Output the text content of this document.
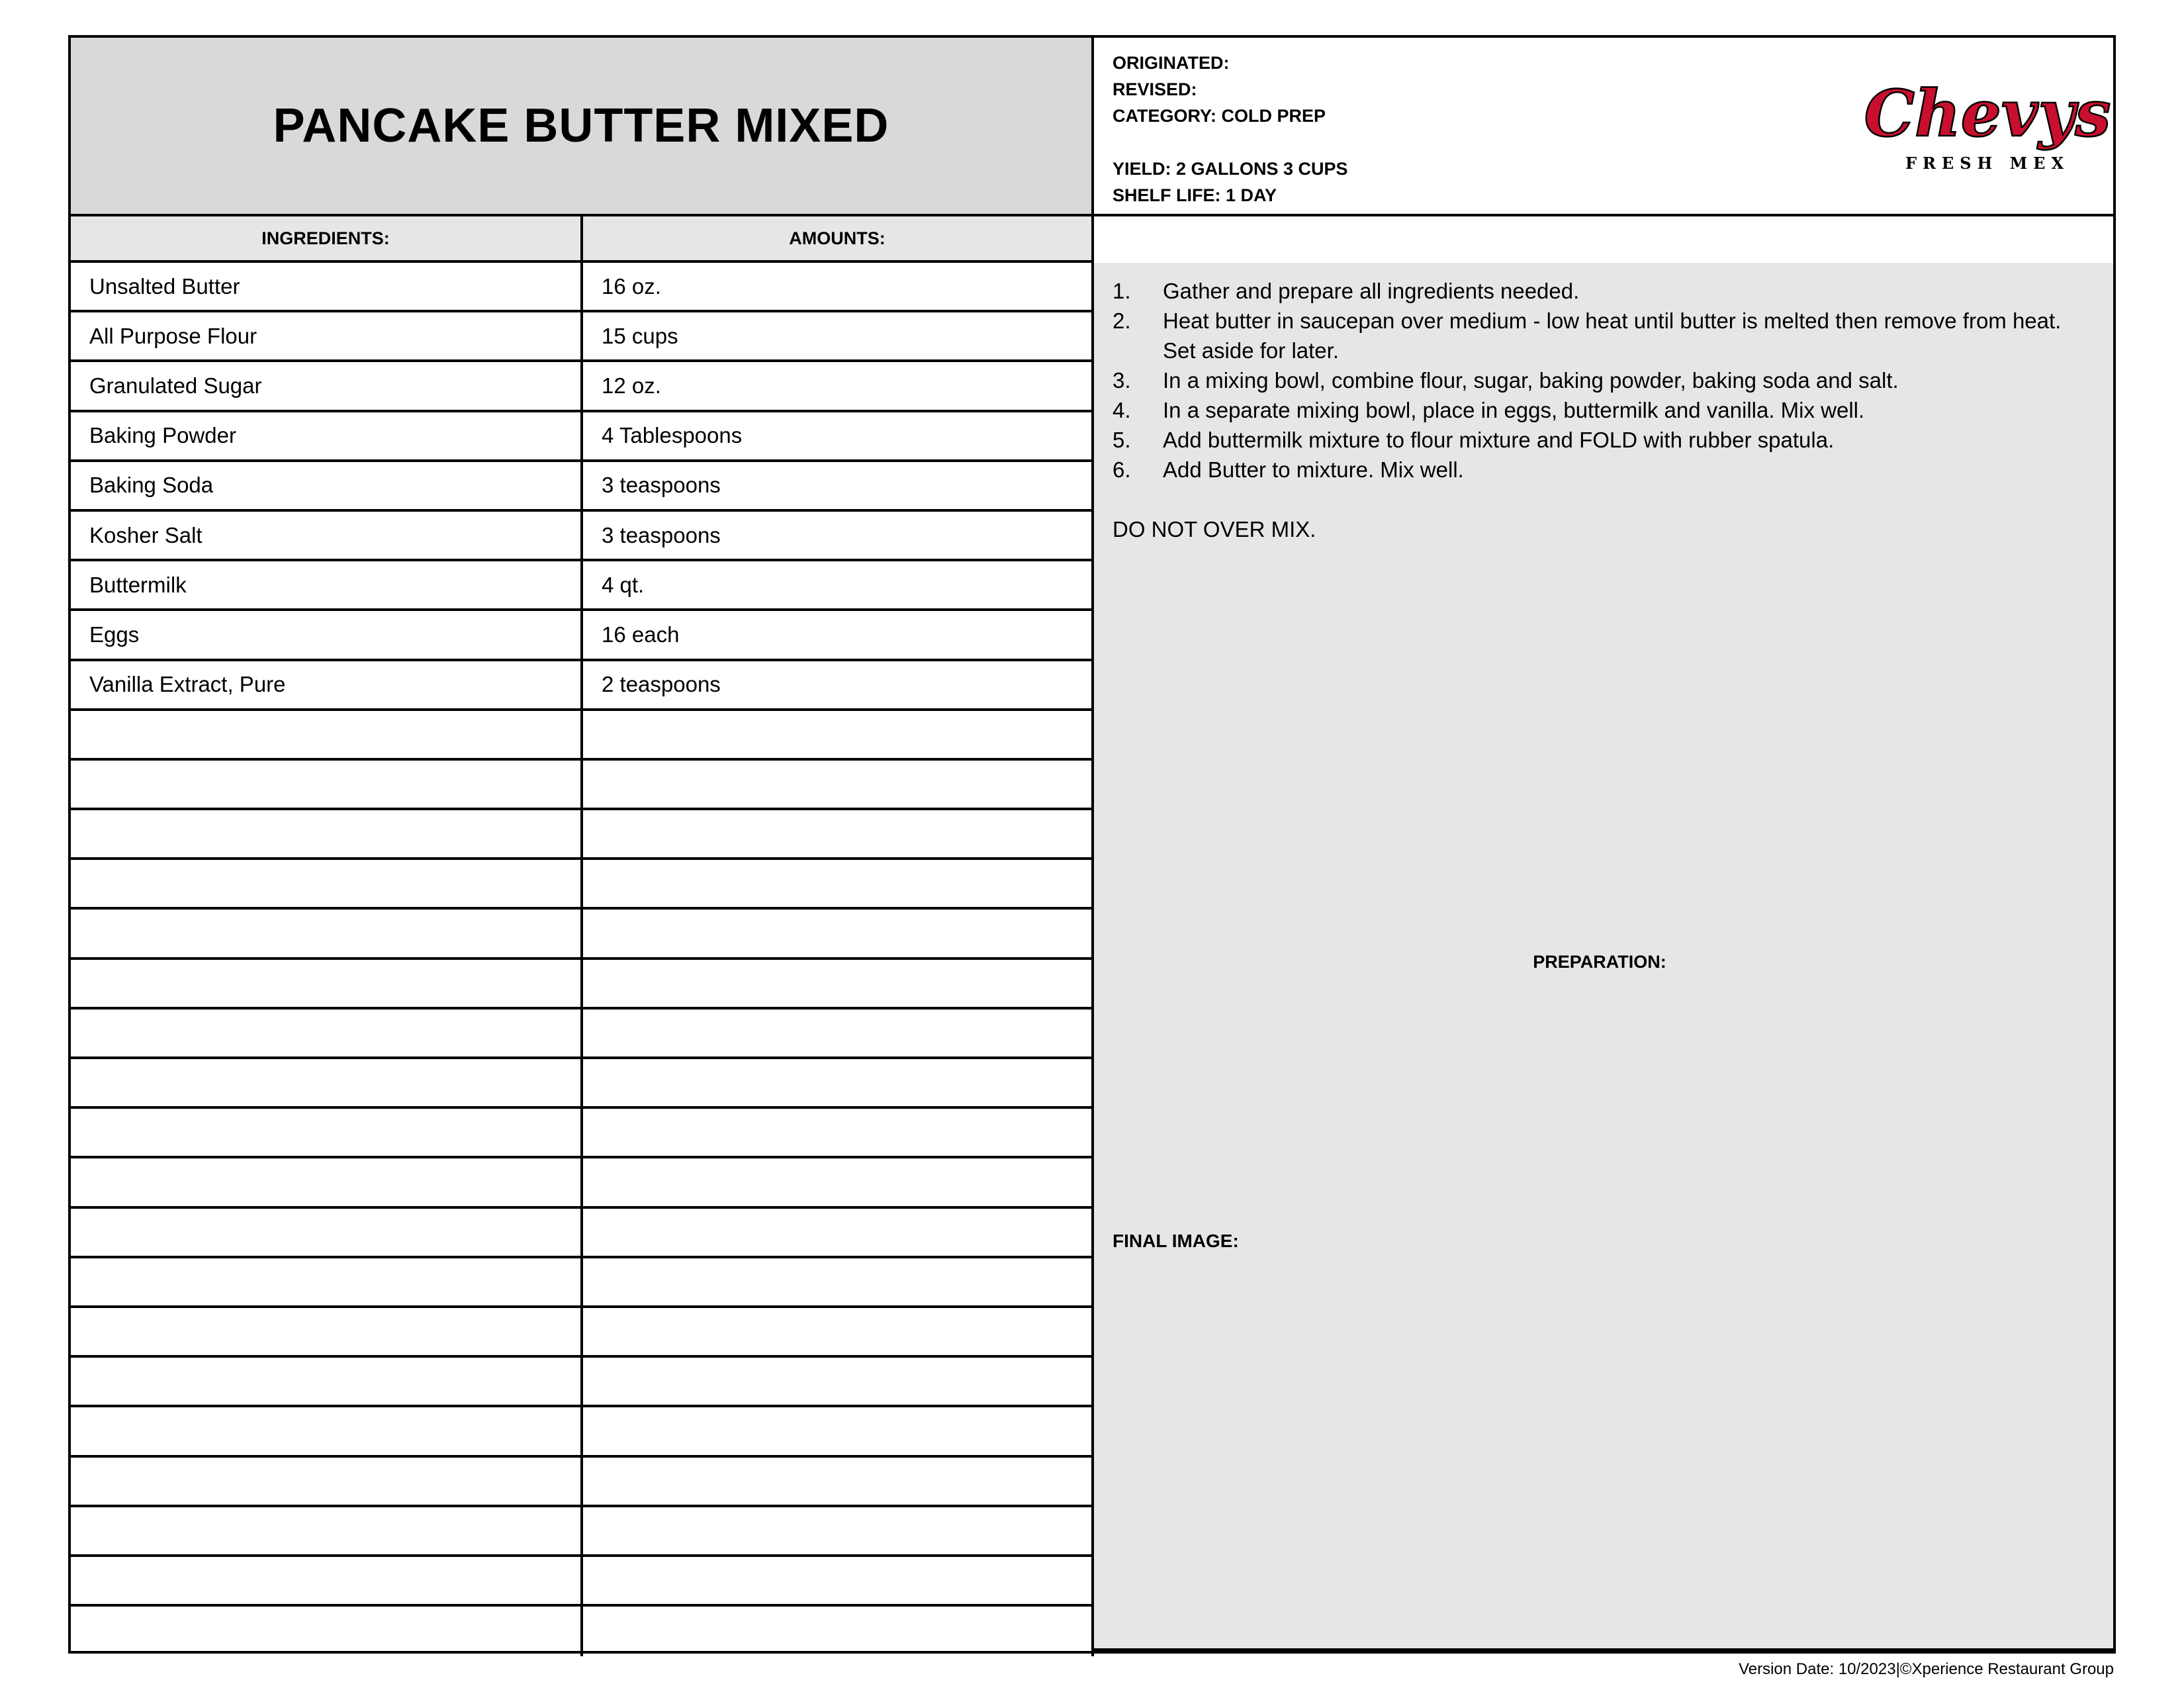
PANCAKE BUTTER MIXED
ORIGINATED:
REVISED:
CATEGORY: COLD PREP
YIELD: 2 GALLONS 3 CUPS
SHELF LIFE: 1 DAY
Chevys
FRESH MEX
INGREDIENTS:	AMOUNTS:
PREPARATION:
Unsalted Butter	16 oz.
All Purpose Flour	15 cups
Granulated Sugar	12 oz.
Baking Powder	4 Tablespoons
Baking Soda	3 teaspoons
Kosher Salt	3 teaspoons
Buttermilk	4 qt.
Eggs	16 each
Vanilla Extract, Pure	2 teaspoons
1.	Gather and prepare all ingredients needed.
2.	Heat butter in saucepan over medium - low heat until butter is melted then remove from heat. Set aside for later.
3.	In a mixing bowl, combine flour, sugar, baking powder, baking soda and salt.
4.	In a separate mixing bowl, place in eggs, buttermilk and vanilla. Mix well.
5.	Add buttermilk mixture to flour mixture and FOLD with rubber spatula.
6.	Add Butter to mixture. Mix well.
DO NOT OVER MIX.
FINAL IMAGE:
Version Date: 10/2023|©Xperience Restaurant Group
